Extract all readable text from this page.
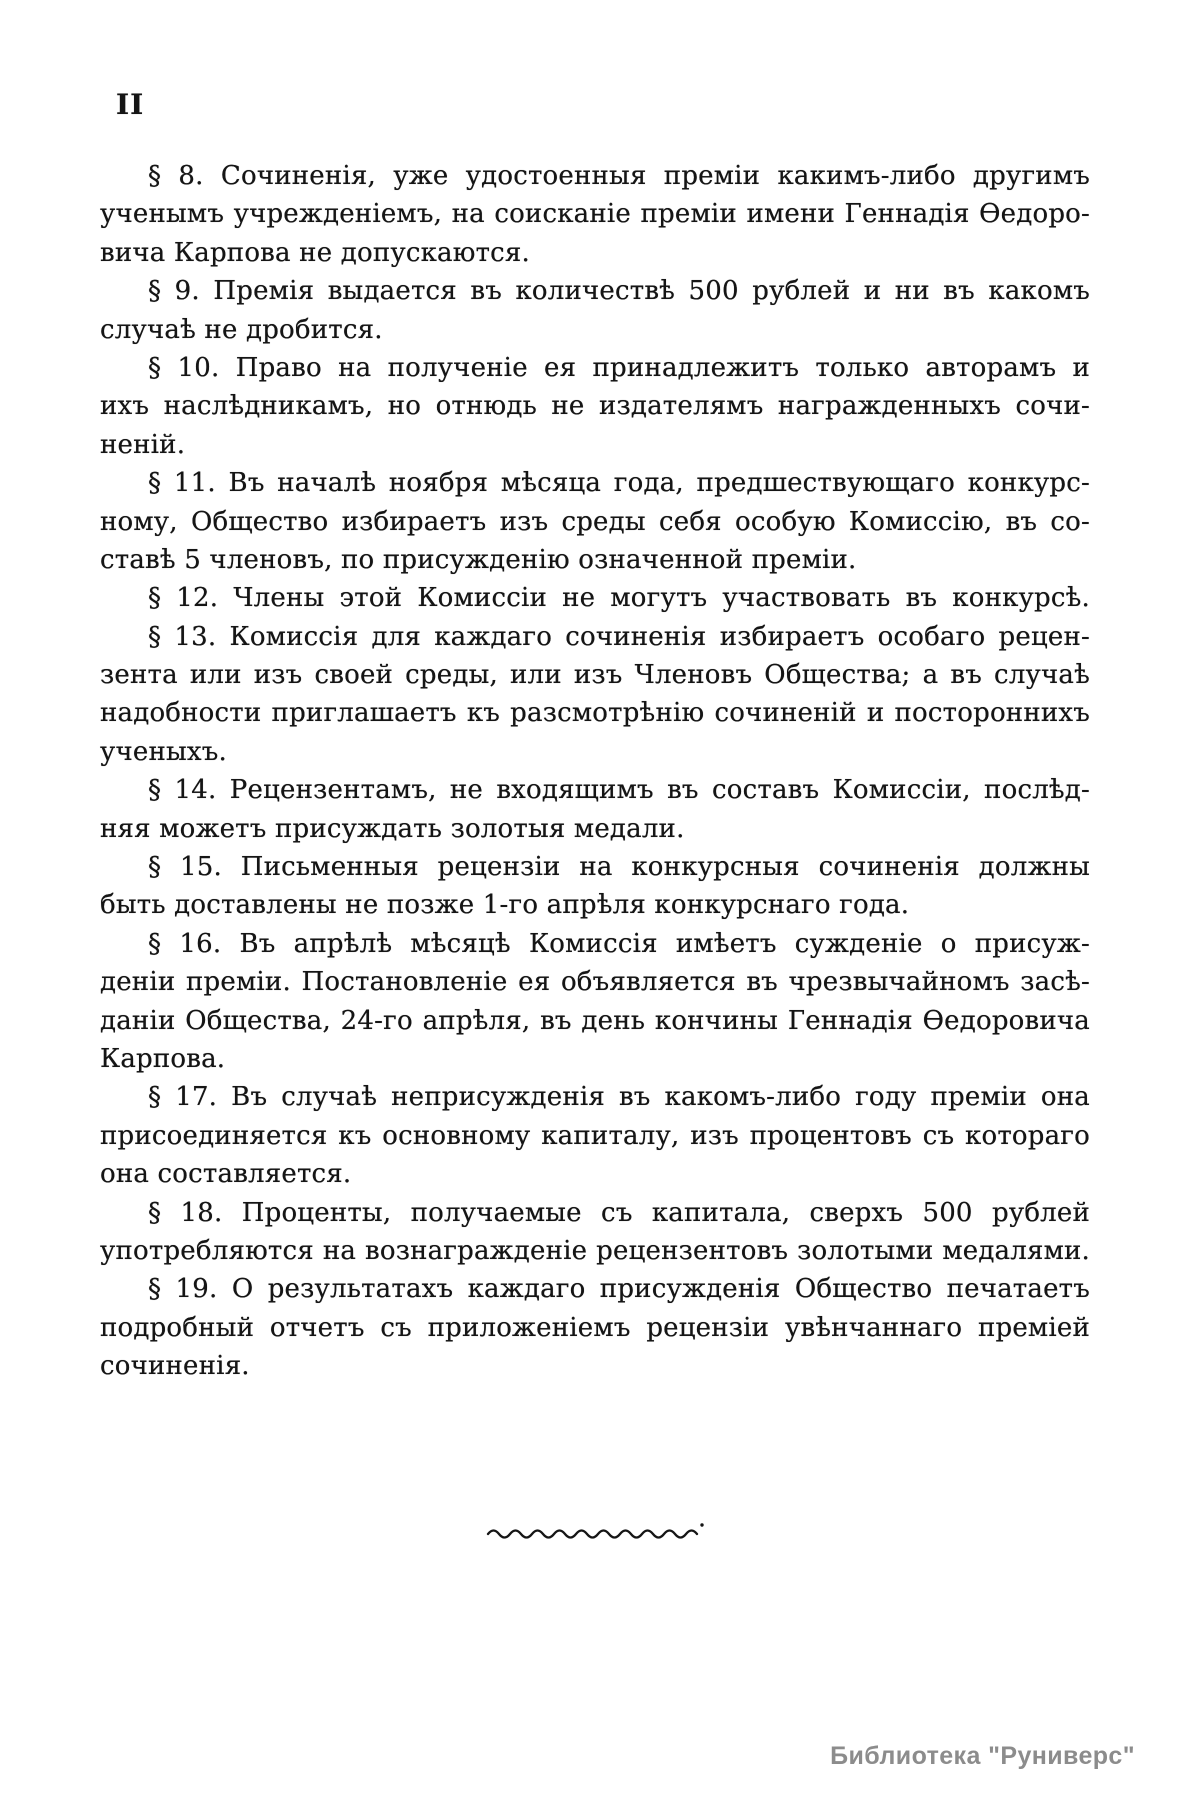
II
§ 8. Сочиненія, уже удостоенныя преміи какимъ-либо другимъ
ученымъ учрежденіемъ, на соисканіе преміи имени Геннадія Ѳедоро-
вича Карпова не допускаются.
§ 9. Премія выдается въ количествѣ 500 рублей и ни въ какомъ
случаѣ не дробится.
§ 10. Право на полученіе ея принадлежитъ только авторамъ и
ихъ наслѣдникамъ, но отнюдь не издателямъ награжденныхъ сочи-
неній.
§ 11. Въ началѣ ноября мѣсяца года, предшествующаго конкурс-
ному, Общество избираетъ изъ среды себя особую Комиссію, въ со-
ставѣ 5 членовъ, по присужденію означенной преміи.
§ 12. Члены этой Комиссіи не могутъ участвовать въ конкурсѣ.
§ 13. Комиссія для каждаго сочиненія избираетъ особаго рецен-
зента или изъ своей среды, или изъ Членовъ Общества; а въ случаѣ
надобности приглашаетъ къ разсмотрѣнію сочиненій и постороннихъ
ученыхъ.
§ 14. Рецензентамъ, не входящимъ въ составъ Комиссіи, послѣд-
няя можетъ присуждать золотыя медали.
§ 15. Письменныя рецензіи на конкурсныя сочиненія должны
быть доставлены не позже 1-го апрѣля конкурснаго года.
§ 16. Въ апрѣлѣ мѣсяцѣ Комиссія имѣетъ сужденіе о присуж-
деніи преміи. Постановленіе ея объявляется въ чрезвычайномъ засѣ-
даніи Общества, 24-го апрѣля, въ день кончины Геннадія Ѳедоровича
Карпова.
§ 17. Въ случаѣ неприсужденія въ какомъ-либо году преміи она
присоединяется къ основному капиталу, изъ процентовъ съ котораго
она составляется.
§ 18. Проценты, получаемые съ капитала, сверхъ 500 рублей
употребляются на вознагражденіе рецензентовъ золотыми медалями.
§ 19. О результатахъ каждаго присужденія Общество печатаетъ
подробный отчетъ съ приложеніемъ рецензіи увѣнчаннаго преміей
сочиненія.
Библиотека "Руниверс"
